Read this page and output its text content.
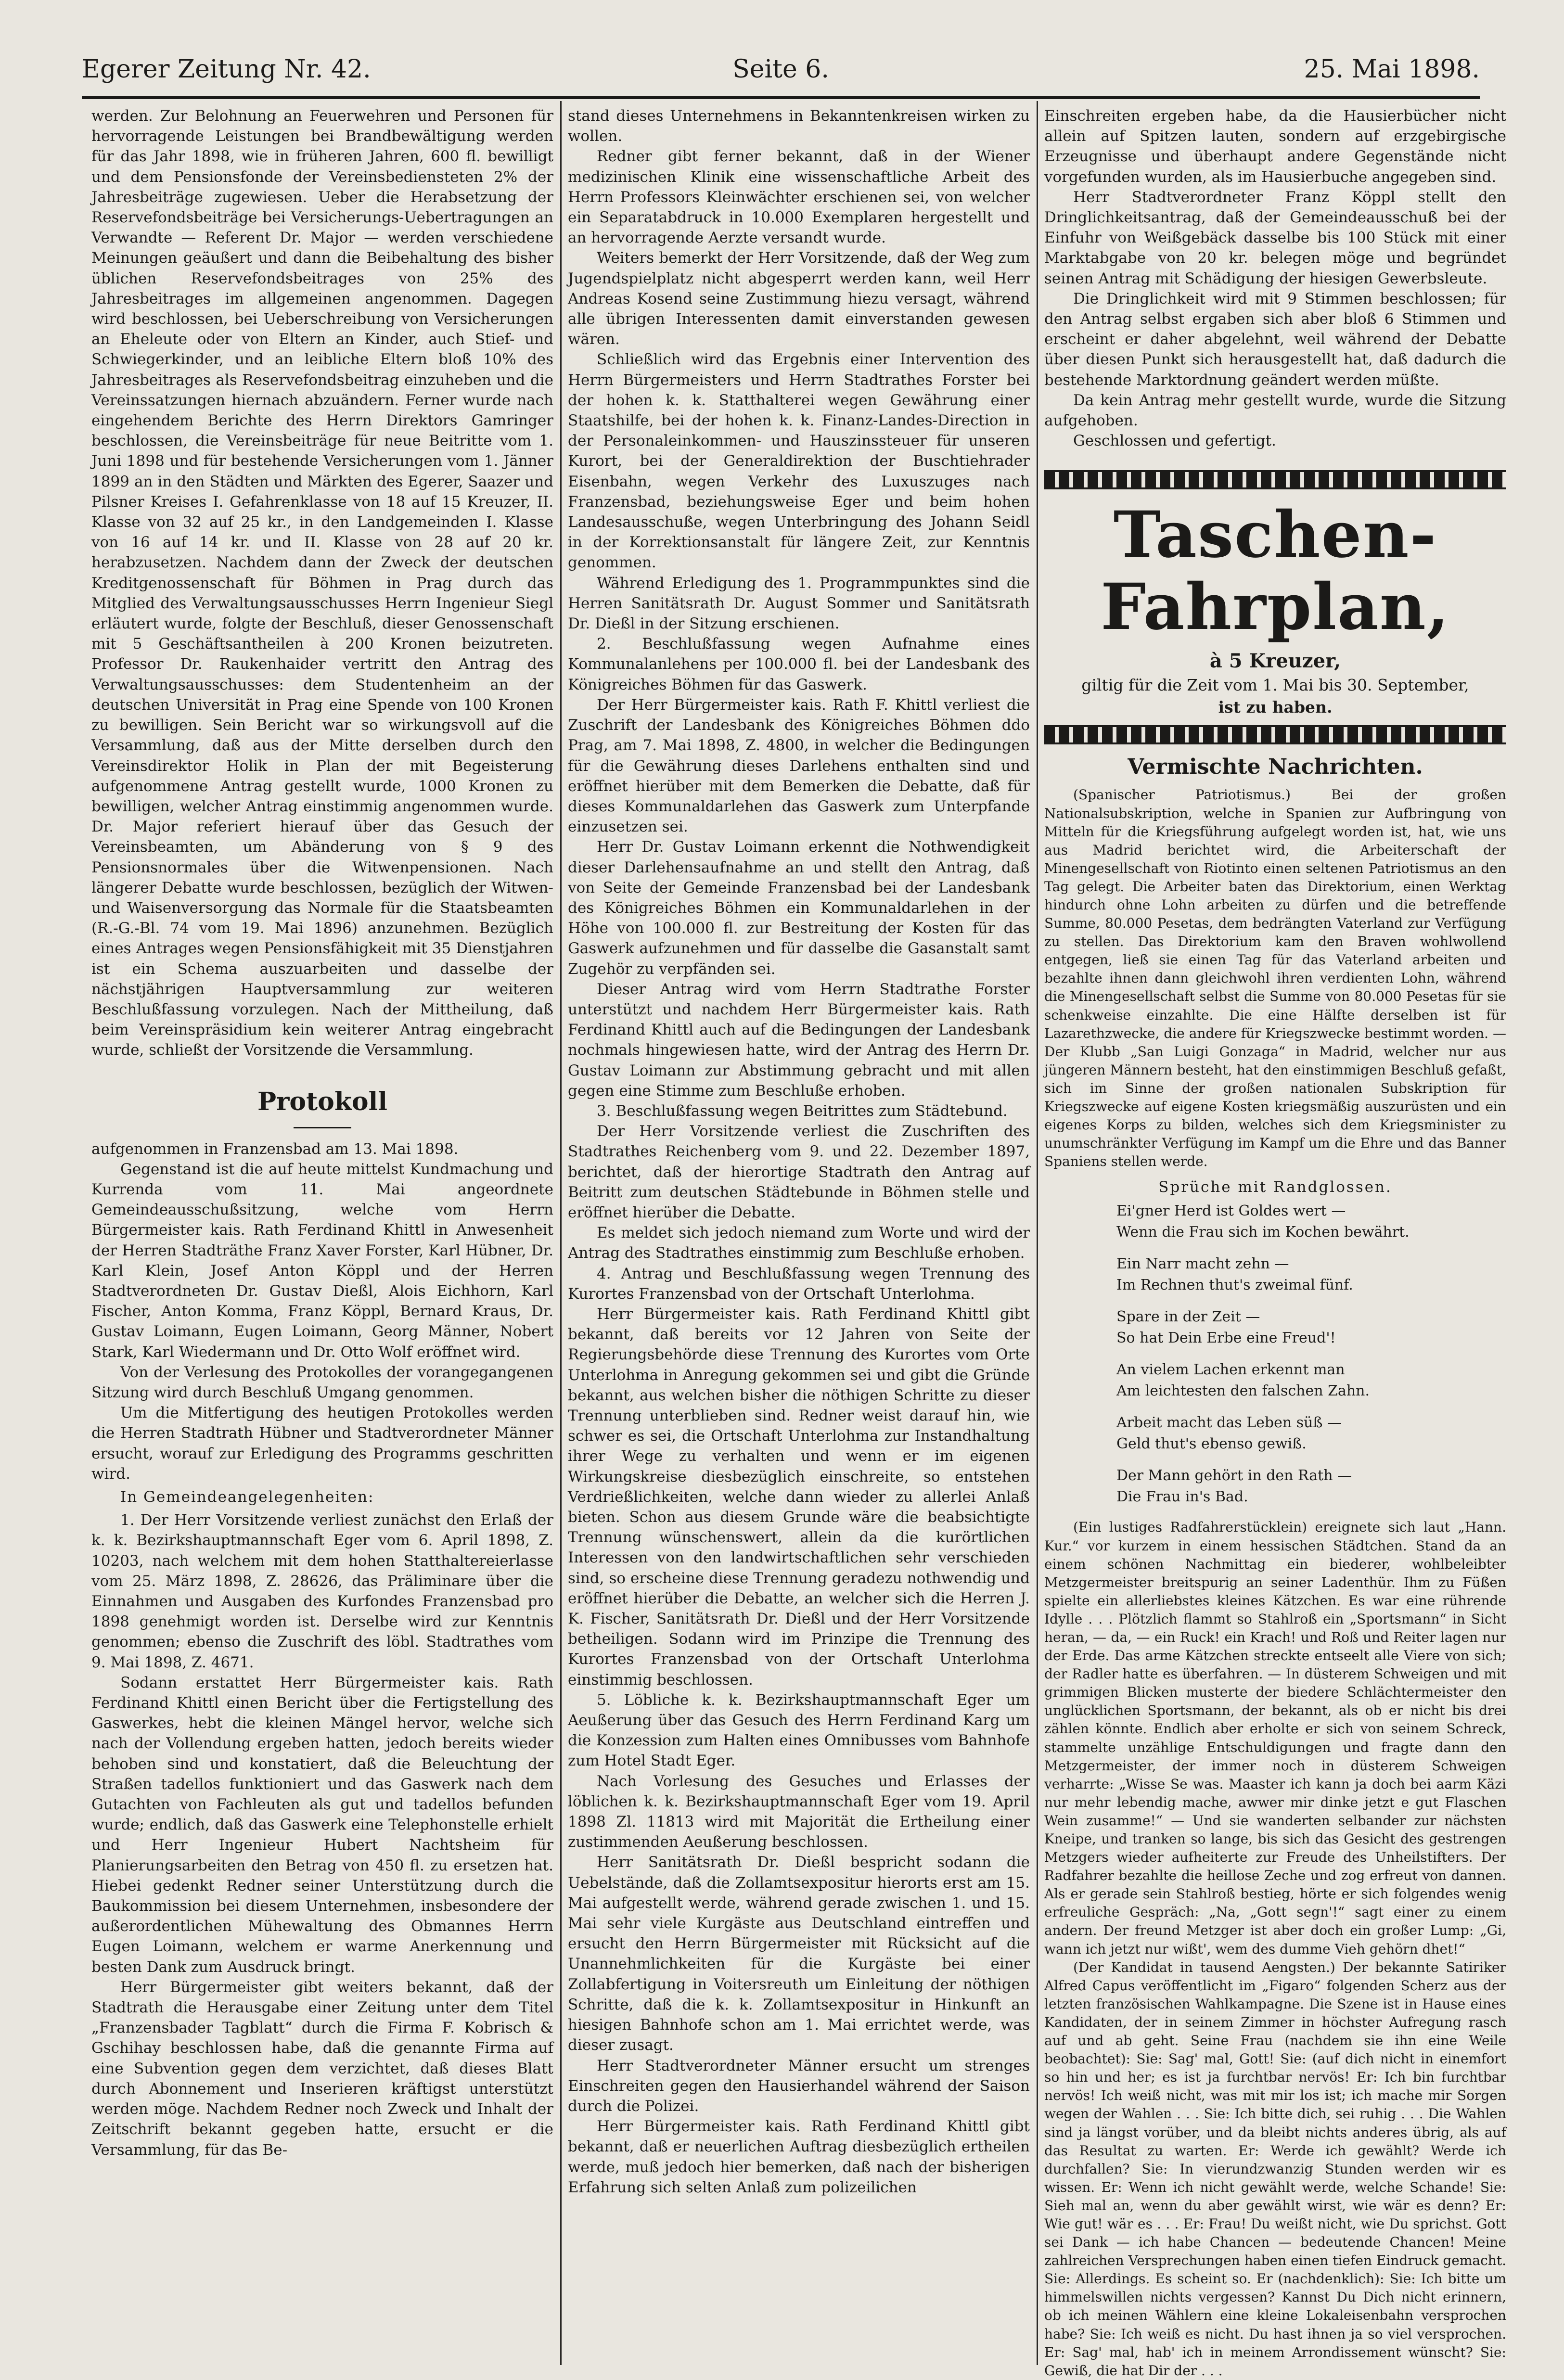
Egerer Zeitung Nr. 42.	Seite 6.	25. Mai 1898.

werden. Zur Belohnung an Feuerwehren und Personen für hervorragende Leistungen bei Brandbewältigung werden für das Jahr 1898, wie in früheren Jahren, 600 fl. bewilligt und dem Pensionsfonde der Vereinsbediensteten 2% der Jahresbeiträge zugewiesen. Ueber die Herabsetzung der Reservefondsbeiträge bei Versicherungs-Uebertragungen an Verwandte — Referent Dr. Major — werden verschiedene Meinungen geäußert und dann die Beibehaltung des bisher üblichen Reservefondsbeitrages von 25% des Jahresbeitrages im allgemeinen angenommen. Dagegen wird beschlossen, bei Ueberschreibung von Versicherungen an Eheleute oder von Eltern an Kinder, auch Stief- und Schwiegerkinder, und an leibliche Eltern bloß 10% des Jahresbeitrages als Reservefondsbeitrag einzuheben und die Vereinssatzungen hiernach abzuändern. Ferner wurde nach eingehendem Berichte des Herrn Direktors Gamringer beschlossen, die Vereinsbeiträge für neue Beitritte vom 1. Juni 1898 und für bestehende Versicherungen vom 1. Jänner 1899 an in den Städten und Märkten des Egerer, Saazer und Pilsner Kreises I. Gefahrenklasse von 18 auf 15 Kreuzer, II. Klasse von 32 auf 25 kr., in den Landgemeinden I. Klasse von 16 auf 14 kr. und II. Klasse von 28 auf 20 kr. herabzusetzen. Nachdem dann der Zweck der deutschen Kreditgenossenschaft für Böhmen in Prag durch das Mitglied des Verwaltungsausschusses Herrn Ingenieur Siegl erläutert wurde, folgte der Beschluß, dieser Genossenschaft mit 5 Geschäftsantheilen à 200 Kronen beizutreten. Professor Dr. Raukenhaider vertritt den Antrag des Verwaltungsausschusses: dem Studentenheim an der deutschen Universität in Prag eine Spende von 100 Kronen zu bewilligen. Sein Bericht war so wirkungsvoll auf die Versammlung, daß aus der Mitte derselben durch den Vereinsdirektor Holik in Plan der mit Begeisterung aufgenommene Antrag gestellt wurde, 1000 Kronen zu bewilligen, welcher Antrag einstimmig angenommen wurde. Dr. Major referiert hierauf über das Gesuch der Vereinsbeamten, um Abänderung von § 9 des Pensionsnormales über die Witwenpensionen. Nach längerer Debatte wurde beschlossen, bezüglich der Witwen- und Waisenversorgung das Normale für die Staatsbeamten (R.-G.-Bl. 74 vom 19. Mai 1896) anzunehmen. Bezüglich eines Antrages wegen Pensionsfähigkeit mit 35 Dienstjahren ist ein Schema auszuarbeiten und dasselbe der nächstjährigen Hauptversammlung zur weiteren Beschlußfassung vorzulegen. Nach der Mittheilung, daß beim Vereinspräsidium kein weiterer Antrag eingebracht wurde, schließt der Vorsitzende die Versammlung.

Protokoll

aufgenommen in Franzensbad am 13. Mai 1898.

Gegenstand ist die auf heute mittelst Kundmachung und Kurrenda vom 11. Mai angeordnete Gemeindeausschußsitzung, welche vom Herrn Bürgermeister kais. Rath Ferdinand Khittl in Anwesenheit der Herren Stadträthe Franz Xaver Forster, Karl Hübner, Dr. Karl Klein, Josef Anton Köppl und der Herren Stadtverordneten Dr. Gustav Dießl, Alois Eichhorn, Karl Fischer, Anton Komma, Franz Köppl, Bernard Kraus, Dr. Gustav Loimann, Eugen Loimann, Georg Männer, Nobert Stark, Karl Wiedermann und Dr. Otto Wolf eröffnet wird.

Von der Verlesung des Protokolles der vorangegangenen Sitzung wird durch Beschluß Umgang genommen.

Um die Mitfertigung des heutigen Protokolles werden die Herren Stadtrath Hübner und Stadtverordneter Männer ersucht, worauf zur Erledigung des Programms geschritten wird.

In Gemeindeangelegenheiten:

1. Der Herr Vorsitzende verliest zunächst den Erlaß der k. k. Bezirkshauptmannschaft Eger vom 6. April 1898, Z. 10203, nach welchem mit dem hohen Statthaltereierlasse vom 25. März 1898, Z. 28626, das Präliminare über die Einnahmen und Ausgaben des Kurfondes Franzensbad pro 1898 genehmigt worden ist. Derselbe wird zur Kenntnis genommen; ebenso die Zuschrift des löbl. Stadtrathes vom 9. Mai 1898, Z. 4671.

Sodann erstattet Herr Bürgermeister kais. Rath Ferdinand Khittl einen Bericht über die Fertigstellung des Gaswerkes, hebt die kleinen Mängel hervor, welche sich nach der Vollendung ergeben hatten, jedoch bereits wieder behoben sind und konstatiert, daß die Beleuchtung der Straßen tadellos funktioniert und das Gaswerk nach dem Gutachten von Fachleuten als gut und tadellos befunden wurde; endlich, daß das Gaswerk eine Telephonstelle erhielt und Herr Ingenieur Hubert Nachtsheim für Planierungsarbeiten den Betrag von 450 fl. zu ersetzen hat. Hiebei gedenkt Redner seiner Unterstützung durch die Baukommission bei diesem Unternehmen, insbesondere der außerordentlichen Mühewaltung des Obmannes Herrn Eugen Loimann, welchem er warme Anerkennung und besten Dank zum Ausdruck bringt.

Herr Bürgermeister gibt weiters bekannt, daß der Stadtrath die Herausgabe einer Zeitung unter dem Titel „Franzensbader Tagblatt“ durch die Firma F. Kobrisch & Gschihay beschlossen habe, daß die genannte Firma auf eine Subvention gegen dem verzichtet, daß dieses Blatt durch Abonnement und Inserieren kräftigst unterstützt werden möge. Nachdem Redner noch Zweck und Inhalt der Zeitschrift bekannt gegeben hatte, ersucht er die Versammlung, für das Be-

stand dieses Unternehmens in Bekanntenkreisen wirken zu wollen.

Redner gibt ferner bekannt, daß in der Wiener medizinischen Klinik eine wissenschaftliche Arbeit des Herrn Professors Kleinwächter erschienen sei, von welcher ein Separatabdruck in 10.000 Exemplaren hergestellt und an hervorragende Aerzte versandt wurde.

Weiters bemerkt der Herr Vorsitzende, daß der Weg zum Jugendspielplatz nicht abgesperrt werden kann, weil Herr Andreas Kosend seine Zustimmung hiezu versagt, während alle übrigen Interessenten damit einverstanden gewesen wären.

Schließlich wird das Ergebnis einer Intervention des Herrn Bürgermeisters und Herrn Stadtrathes Forster bei der hohen k. k. Statthalterei wegen Gewährung einer Staatshilfe, bei der hohen k. k. Finanz-Landes-Direction in der Personaleinkommen- und Hauszinssteuer für unseren Kurort, bei der Generaldirektion der Buschtiehrader Eisenbahn, wegen Verkehr des Luxuszuges nach Franzensbad, beziehungsweise Eger und beim hohen Landesausschuße, wegen Unterbringung des Johann Seidl in der Korrektionsanstalt für längere Zeit, zur Kenntnis genommen.

Während Erledigung des 1. Programmpunktes sind die Herren Sanitätsrath Dr. August Sommer und Sanitätsrath Dr. Dießl in der Sitzung erschienen.

2. Beschlußfassung wegen Aufnahme eines Kommunalanlehens per 100.000 fl. bei der Landesbank des Königreiches Böhmen für das Gaswerk.

Der Herr Bürgermeister kais. Rath F. Khittl verliest die Zuschrift der Landesbank des Königreiches Böhmen ddo Prag, am 7. Mai 1898, Z. 4800, in welcher die Bedingungen für die Gewährung dieses Darlehens enthalten sind und eröffnet hierüber mit dem Bemerken die Debatte, daß für dieses Kommunaldarlehen das Gaswerk zum Unterpfande einzusetzen sei.

Herr Dr. Gustav Loimann erkennt die Nothwendigkeit dieser Darlehensaufnahme an und stellt den Antrag, daß von Seite der Gemeinde Franzensbad bei der Landesbank des Königreiches Böhmen ein Kommunaldarlehen in der Höhe von 100.000 fl. zur Bestreitung der Kosten für das Gaswerk aufzunehmen und für dasselbe die Gasanstalt samt Zugehör zu verpfänden sei.

Dieser Antrag wird vom Herrn Stadtrathe Forster unterstützt und nachdem Herr Bürgermeister kais. Rath Ferdinand Khittl auch auf die Bedingungen der Landesbank nochmals hingewiesen hatte, wird der Antrag des Herrn Dr. Gustav Loimann zur Abstimmung gebracht und mit allen gegen eine Stimme zum Beschluße erhoben.

3. Beschlußfassung wegen Beitrittes zum Städtebund.

Der Herr Vorsitzende verliest die Zuschriften des Stadtrathes Reichenberg vom 9. und 22. Dezember 1897, berichtet, daß der hierortige Stadtrath den Antrag auf Beitritt zum deutschen Städtebunde in Böhmen stelle und eröffnet hierüber die Debatte.

Es meldet sich jedoch niemand zum Worte und wird der Antrag des Stadtrathes einstimmig zum Beschluße erhoben.

4. Antrag und Beschlußfassung wegen Trennung des Kurortes Franzensbad von der Ortschaft Unterlohma.

Herr Bürgermeister kais. Rath Ferdinand Khittl gibt bekannt, daß bereits vor 12 Jahren von Seite der Regierungsbehörde diese Trennung des Kurortes vom Orte Unterlohma in Anregung gekommen sei und gibt die Gründe bekannt, aus welchen bisher die nöthigen Schritte zu dieser Trennung unterblieben sind. Redner weist darauf hin, wie schwer es sei, die Ortschaft Unterlohma zur Instandhaltung ihrer Wege zu verhalten und wenn er im eigenen Wirkungskreise diesbezüglich einschreite, so entstehen Verdrießlichkeiten, welche dann wieder zu allerlei Anlaß bieten. Schon aus diesem Grunde wäre die beabsichtigte Trennung wünschenswert, allein da die kurörtlichen Interessen von den landwirtschaftlichen sehr verschieden sind, so erscheine diese Trennung geradezu nothwendig und eröffnet hierüber die Debatte, an welcher sich die Herren J. K. Fischer, Sanitätsrath Dr. Dießl und der Herr Vorsitzende betheiligen. Sodann wird im Prinzipe die Trennung des Kurortes Franzensbad von der Ortschaft Unterlohma einstimmig beschlossen.

5. Löbliche k. k. Bezirkshauptmannschaft Eger um Aeußerung über das Gesuch des Herrn Ferdinand Karg um die Konzession zum Halten eines Omnibusses vom Bahnhofe zum Hotel Stadt Eger.

Nach Vorlesung des Gesuches und Erlasses der löblichen k. k. Bezirkshauptmannschaft Eger vom 19. April 1898 Zl. 11813 wird mit Majorität die Ertheilung einer zustimmenden Aeußerung beschlossen.

Herr Sanitätsrath Dr. Dießl bespricht sodann die Uebelstände, daß die Zollamtsexpositur hierorts erst am 15. Mai aufgestellt werde, während gerade zwischen 1. und 15. Mai sehr viele Kurgäste aus Deutschland eintreffen und ersucht den Herrn Bürgermeister mit Rücksicht auf die Unannehmlichkeiten für die Kurgäste bei einer Zollabfertigung in Voitersreuth um Einleitung der nöthigen Schritte, daß die k. k. Zollamtsexpositur in Hinkunft an hiesigen Bahnhofe schon am 1. Mai errichtet werde, was dieser zusagt.

Herr Stadtverordneter Männer ersucht um strenges Einschreiten gegen den Hausierhandel während der Saison durch die Polizei.

Herr Bürgermeister kais. Rath Ferdinand Khittl gibt bekannt, daß er neuerlichen Auftrag diesbezüglich ertheilen werde, muß jedoch hier bemerken, daß nach der bisherigen Erfahrung sich selten Anlaß zum polizeilichen

Einschreiten ergeben habe, da die Hausierbücher nicht allein auf Spitzen lauten, sondern auf erzgebirgische Erzeugnisse und überhaupt andere Gegenstände nicht vorgefunden wurden, als im Hausierbuche angegeben sind.

Herr Stadtverordneter Franz Köppl stellt den Dringlichkeitsantrag, daß der Gemeindeausschuß bei der Einfuhr von Weißgebäck dasselbe bis 100 Stück mit einer Marktabgabe von 20 kr. belegen möge und begründet seinen Antrag mit Schädigung der hiesigen Gewerbsleute.

Die Dringlichkeit wird mit 9 Stimmen beschlossen; für den Antrag selbst ergaben sich aber bloß 6 Stimmen und erscheint er daher abgelehnt, weil während der Debatte über diesen Punkt sich herausgestellt hat, daß dadurch die bestehende Marktordnung geändert werden müßte.

Da kein Antrag mehr gestellt wurde, wurde die Sitzung aufgehoben.

Geschlossen und gefertigt.

Taschen-Fahrplan,
à 5 Kreuzer,
giltig für die Zeit vom 1. Mai bis 30. September,
ist zu haben.
Vermischte Nachrichten.

(Spanischer Patriotismus.) Bei der großen Nationalsubskription, welche in Spanien zur Aufbringung von Mitteln für die Kriegsführung aufgelegt worden ist, hat, wie uns aus Madrid berichtet wird, die Arbeiterschaft der Minengesellschaft von Riotinto einen seltenen Patriotismus an den Tag gelegt. Die Arbeiter baten das Direktorium, einen Werktag hindurch ohne Lohn arbeiten zu dürfen und die betreffende Summe, 80.000 Pesetas, dem bedrängten Vaterland zur Verfügung zu stellen. Das Direktorium kam den Braven wohlwollend entgegen, ließ sie einen Tag für das Vaterland arbeiten und bezahlte ihnen dann gleichwohl ihren verdienten Lohn, während die Minengesellschaft selbst die Summe von 80.000 Pesetas für sie schenkweise einzahlte. Die eine Hälfte derselben ist für Lazarethzwecke, die andere für Kriegszwecke bestimmt worden. — Der Klubb „San Luigi Gonzaga“ in Madrid, welcher nur aus jüngeren Männern besteht, hat den einstimmigen Beschluß gefaßt, sich im Sinne der großen nationalen Subskription für Kriegszwecke auf eigene Kosten kriegsmäßig auszurüsten und ein eigenes Korps zu bilden, welches sich dem Kriegsminister zu unumschränkter Verfügung im Kampf um die Ehre und das Banner Spaniens stellen werde.

Sprüche mit Randglossen.
Ei'gner Herd ist Goldes wert —
Wenn die Frau sich im Kochen bewährt.
Ein Narr macht zehn —
Im Rechnen thut's zweimal fünf.
Spare in der Zeit —
So hat Dein Erbe eine Freud'!
An vielem Lachen erkennt man
Am leichtesten den falschen Zahn.
Arbeit macht das Leben süß —
Geld thut's ebenso gewiß.
Der Mann gehört in den Rath —
Die Frau in's Bad.

(Ein lustiges Radfahrerstücklein) ereignete sich laut „Hann. Kur.“ vor kurzem in einem hessischen Städtchen. Stand da an einem schönen Nachmittag ein biederer, wohlbeleibter Metzgermeister breitspurig an seiner Ladenthür. Ihm zu Füßen spielte ein allerliebstes kleines Kätzchen. Es war eine rührende Idylle . . . Plötzlich flammt so Stahlroß ein „Sportsmann“ in Sicht heran, — da, — ein Ruck! ein Krach! und Roß und Reiter lagen nur der Erde. Das arme Kätzchen streckte entseelt alle Viere von sich; der Radler hatte es überfahren. — In düsterem Schweigen und mit grimmigen Blicken musterte der biedere Schlächtermeister den unglücklichen Sportsmann, der bekannt, als ob er nicht bis drei zählen könnte. Endlich aber erholte er sich von seinem Schreck, stammelte unzählige Entschuldigungen und fragte dann den Metzgermeister, der immer noch in düsterem Schweigen verharrte: „Wisse Se was. Maaster ich kann ja doch bei aarm Käzi nur mehr lebendig mache, awwer mir dinke jetzt e gut Flaschen Wein zusamme!“ — Und sie wanderten selbander zur nächsten Kneipe, und tranken so lange, bis sich das Gesicht des gestrengen Metzgers wieder aufheiterte zur Freude des Unheilstifters. Der Radfahrer bezahlte die heillose Zeche und zog erfreut von dannen. Als er gerade sein Stahlroß bestieg, hörte er sich folgendes wenig erfreuliche Gespräch: „Na, „Gott segn'!“ sagt einer zu einem andern. Der freund Metzger ist aber doch ein großer Lump: „Gi, wann ich jetzt nur wißt', wem des dumme Vieh gehörn dhet!“

(Der Kandidat in tausend Aengsten.) Der bekannte Satiriker Alfred Capus veröffentlicht im „Figaro“ folgenden Scherz aus der letzten französischen Wahlkampagne. Die Szene ist in Hause eines Kandidaten, der in seinem Zimmer in höchster Aufregung rasch auf und ab geht. Seine Frau (nachdem sie ihn eine Weile beobachtet): Sie: Sag' mal, Gott! Sie: (auf dich nicht in einemfort so hin und her; es ist ja furchtbar nervös! Er: Ich bin furchtbar nervös! Ich weiß nicht, was mit mir los ist; ich mache mir Sorgen wegen der Wahlen . . . Sie: Ich bitte dich, sei ruhig . . . Die Wahlen sind ja längst vorüber, und da bleibt nichts anderes übrig, als auf das Resultat zu warten. Er: Werde ich gewählt? Werde ich durchfallen? Sie: In vierundzwanzig Stunden werden wir es wissen. Er: Wenn ich nicht gewählt werde, welche Schande! Sie: Sieh mal an, wenn du aber gewählt wirst, wie wär es denn? Er: Wie gut! wär es . . . Er: Frau! Du weißt nicht, wie Du sprichst. Gott sei Dank — ich habe Chancen — bedeutende Chancen! Meine zahlreichen Versprechungen haben einen tiefen Eindruck gemacht. Sie: Allerdings. Es scheint so. Er (nachdenklich): Sie: Ich bitte um himmelswillen nichts vergessen? Kannst Du Dich nicht erinnern, ob ich meinen Wählern eine kleine Lokaleisenbahn versprochen habe? Sie: Ich weiß es nicht. Du hast ihnen ja so viel versprochen. Er: Sag' mal, hab' ich in meinem Arrondissement wünscht? Sie: Gewiß, die hat Dir der . . .
